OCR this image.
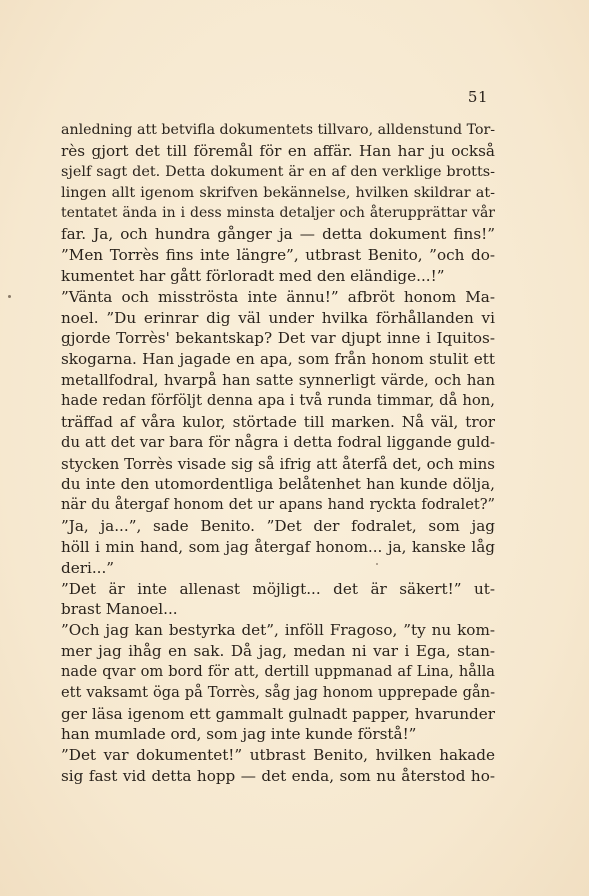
51

anledning att betvifla dokumentets tillvaro, alldenstund Tor-
rès gjort det till föremål för en affär. Han har ju också
sjelf sagt det. Detta dokument är en af den verklige brotts-
lingen allt igenom skrifven bekännelse, hvilken skildrar at-
tentatet ända in i dess minsta detaljer och återupprättar vår
far. Ja, och hundra gånger ja — detta dokument fins!”
”Men Torrès fins inte längre”, utbrast Benito, ”och do-
kumentet har gått förloradt med den eländige...!”
”Vänta och misströsta inte ännu!” afbröt honom Ma-
noel. ”Du erinrar dig väl under hvilka förhållanden vi
gjorde Torrès' bekantskap? Det var djupt inne i Iquitos-
skogarna. Han jagade en apa, som från honom stulit ett
metallfodral, hvarpå han satte synnerligt värde, och han
hade redan förföljt denna apa i två runda timmar, då hon,
träffad af våra kulor, störtade till marken. Nå väl, tror
du att det var bara för några i detta fodral liggande guld-
stycken Torrès visade sig så ifrig att återfå det, och mins
du inte den utomordentliga belåtenhet han kunde dölja,
när du återgaf honom det ur apans hand ryckta fodralet?”
”Ja, ja...”, sade Benito. ”Det der fodralet, som jag
höll i min hand, som jag återgaf honom... ja, kanske låg
deri...”
”Det är inte allenast möjligt... det är säkert!” ut-
brast Manoel...
”Och jag kan bestyrka det”, inföll Fragoso, ”ty nu kom-
mer jag ihåg en sak. Då jag, medan ni var i Ega, stan-
nade qvar om bord för att, dertill uppmanad af Lina, hålla
ett vaksamt öga på Torrès, såg jag honom upprepade gån-
ger läsa igenom ett gammalt gulnadt papper, hvarunder
han mumlade ord, som jag inte kunde förstå!”
”Det var dokumentet!” utbrast Benito, hvilken hakade
sig fast vid detta hopp — det enda, som nu återstod ho-
